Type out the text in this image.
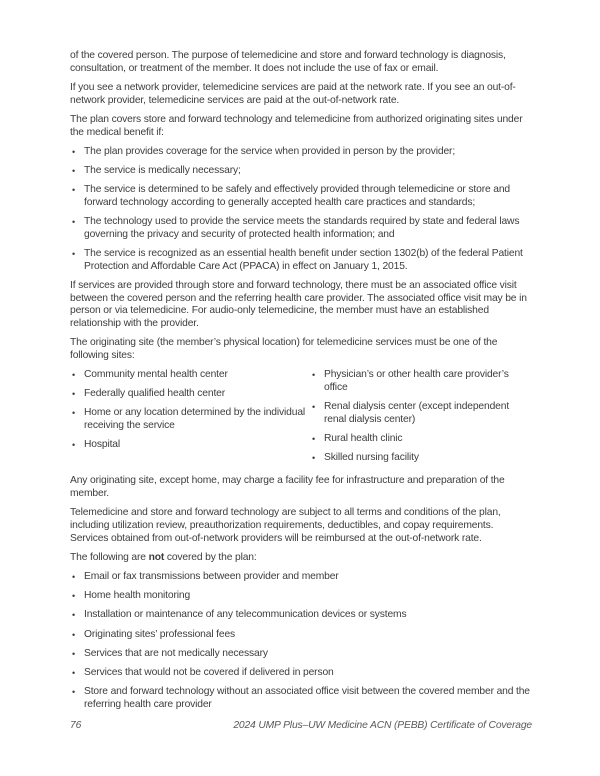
of the covered person. The purpose of telemedicine and store and forward technology is diagnosis, consultation, or treatment of the member. It does not include the use of fax or email.

If you see a network provider, telemedicine services are paid at the network rate. If you see an out-of-network provider, telemedicine services are paid at the out-of-network rate.

The plan covers store and forward technology and telemedicine from authorized originating sites under the medical benefit if:

• The plan provides coverage for the service when provided in person by the provider;
• The service is medically necessary;
• The service is determined to be safely and effectively provided through telemedicine or store and forward technology according to generally accepted health care practices and standards;
• The technology used to provide the service meets the standards required by state and federal laws governing the privacy and security of protected health information; and
• The service is recognized as an essential health benefit under section 1302(b) of the federal Patient Protection and Affordable Care Act (PPACA) in effect on January 1, 2015.

If services are provided through store and forward technology, there must be an associated office visit between the covered person and the referring health care provider. The associated office visit may be in person or via telemedicine. For audio-only telemedicine, the member must have an established relationship with the provider.

The originating site (the member’s physical location) for telemedicine services must be one of the following sites:

• Community mental health center
• Federally qualified health center
• Home or any location determined by the individual receiving the service
• Hospital
• Physician’s or other health care provider’s office
• Renal dialysis center (except independent renal dialysis center)
• Rural health clinic
• Skilled nursing facility

Any originating site, except home, may charge a facility fee for infrastructure and preparation of the member.

Telemedicine and store and forward technology are subject to all terms and conditions of the plan, including utilization review, preauthorization requirements, deductibles, and copay requirements. Services obtained from out-of-network providers will be reimbursed at the out-of-network rate.

The following are not covered by the plan:

• Email or fax transmissions between provider and member
• Home health monitoring
• Installation or maintenance of any telecommunication devices or systems
• Originating sites’ professional fees
• Services that are not medically necessary
• Services that would not be covered if delivered in person
• Store and forward technology without an associated office visit between the covered member and the referring health care provider
76	2024 UMP Plus–UW Medicine ACN (PEBB) Certificate of Coverage
